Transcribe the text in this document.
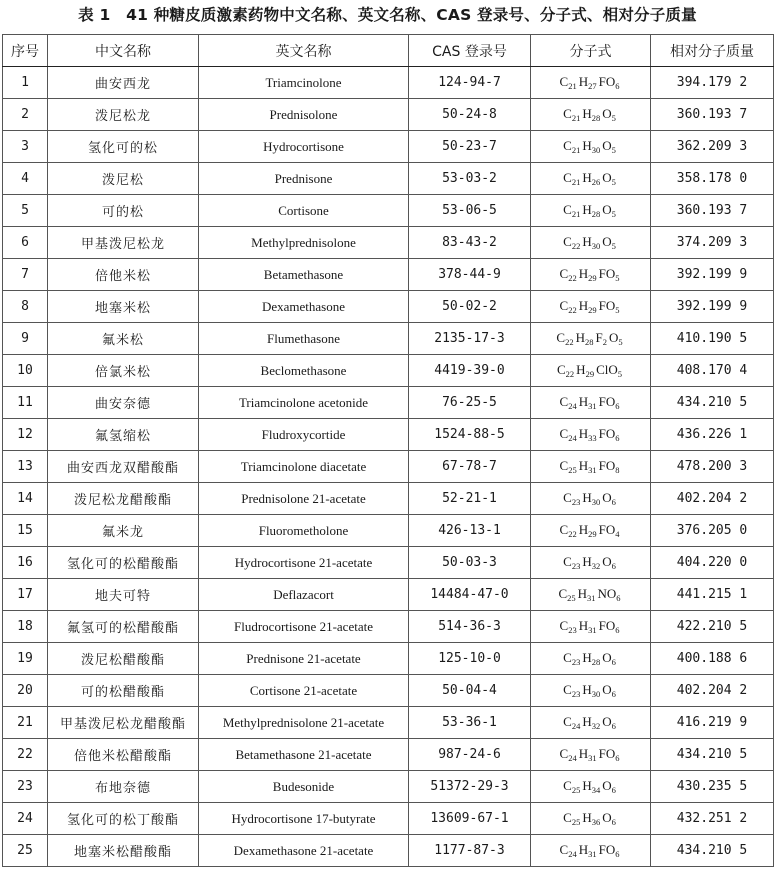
表 1　41 种糖皮质激素药物中文名称、英文名称、CAS 登录号、分子式、相对分子质量
序号	中文名称	英文名称	CAS 登录号	分子式	相对分子质量
1	曲安西龙	Triamcinolone	124-94-7	$C_{21}$ $H_{27}$ $FO_6$	394.179 2
2	泼尼松龙	Prednisolone	50-24-8	$C_{21}$ $H_{28}$ $O_5$	360.193 7
3	氢化可的松	Hydrocortisone	50-23-7	$C_{21}$ $H_{30}$ $O_5$	362.209 3
4	泼尼松	Prednisone	53-03-2	$C_{21}$ $H_{26}$ $O_5$	358.178 0
5	可的松	Cortisone	53-06-5	$C_{21}$ $H_{28}$ $O_5$	360.193 7
6	甲基泼尼松龙	Methylprednisolone	83-43-2	$C_{22}$ $H_{30}$ $O_5$	374.209 3
7	倍他米松	Betamethasone	378-44-9	$C_{22}$ $H_{29}$ $FO_5$	392.199 9
8	地塞米松	Dexamethasone	50-02-2	$C_{22}$ $H_{29}$ $FO_5$	392.199 9
9	氟米松	Flumethasone	2135-17-3	$C_{22}$ $H_{28}$ $F_2$ $O_5$	410.190 5
10	倍氯米松	Beclomethasone	4419-39-0	$C_{22}$ $H_{29}$ ClO$_5$	408.170 4
11	曲安奈德	Triamcinolone acetonide	76-25-5	$C_{24}$ $H_{31}$ $FO_6$	434.210 5
12	氟氢缩松	Fludroxycortide	1524-88-5	$C_{24}$ $H_{33}$ $FO_6$	436.226 1
13	曲安西龙双醋酸酯	Triamcinolone diacetate	67-78-7	$C_{25}$ $H_{31}$ $FO_8$	478.200 3
14	泼尼松龙醋酸酯	Prednisolone 21-acetate	52-21-1	$C_{23}$ $H_{30}$ $O_6$	402.204 2
15	氟米龙	Fluorometholone	426-13-1	$C_{22}$ $H_{29}$ $FO_4$	376.205 0
16	氢化可的松醋酸酯	Hydrocortisone 21-acetate	50-03-3	$C_{23}$ $H_{32}$ $O_6$	404.220 0
17	地夫可特	Deflazacort	14484-47-0	$C_{25}$ $H_{31}$ $NO_6$	441.215 1
18	氟氢可的松醋酸酯	Fludrocortisone 21-acetate	514-36-3	$C_{23}$ $H_{31}$ $FO_6$	422.210 5
19	泼尼松醋酸酯	Prednisone 21-acetate	125-10-0	$C_{23}$ $H_{28}$ $O_6$	400.188 6
20	可的松醋酸酯	Cortisone 21-acetate	50-04-4	$C_{23}$ $H_{30}$ $O_6$	402.204 2
21	甲基泼尼松龙醋酸酯	Methylprednisolone 21-acetate	53-36-1	$C_{24}$ $H_{32}$ $O_6$	416.219 9
22	倍他米松醋酸酯	Betamethasone 21-acetate	987-24-6	$C_{24}$ $H_{31}$ $FO_6$	434.210 5
23	布地奈德	Budesonide	51372-29-3	$C_{25}$ $H_{34}$ $O_6$	430.235 5
24	氢化可的松丁酸酯	Hydrocortisone 17-butyrate	13609-67-1	$C_{25}$ $H_{36}$ $O_6$	432.251 2
25	地塞米松醋酸酯	Dexamethasone 21-acetate	1177-87-3	$C_{24}$ $H_{31}$ $FO_6$	434.210 5
